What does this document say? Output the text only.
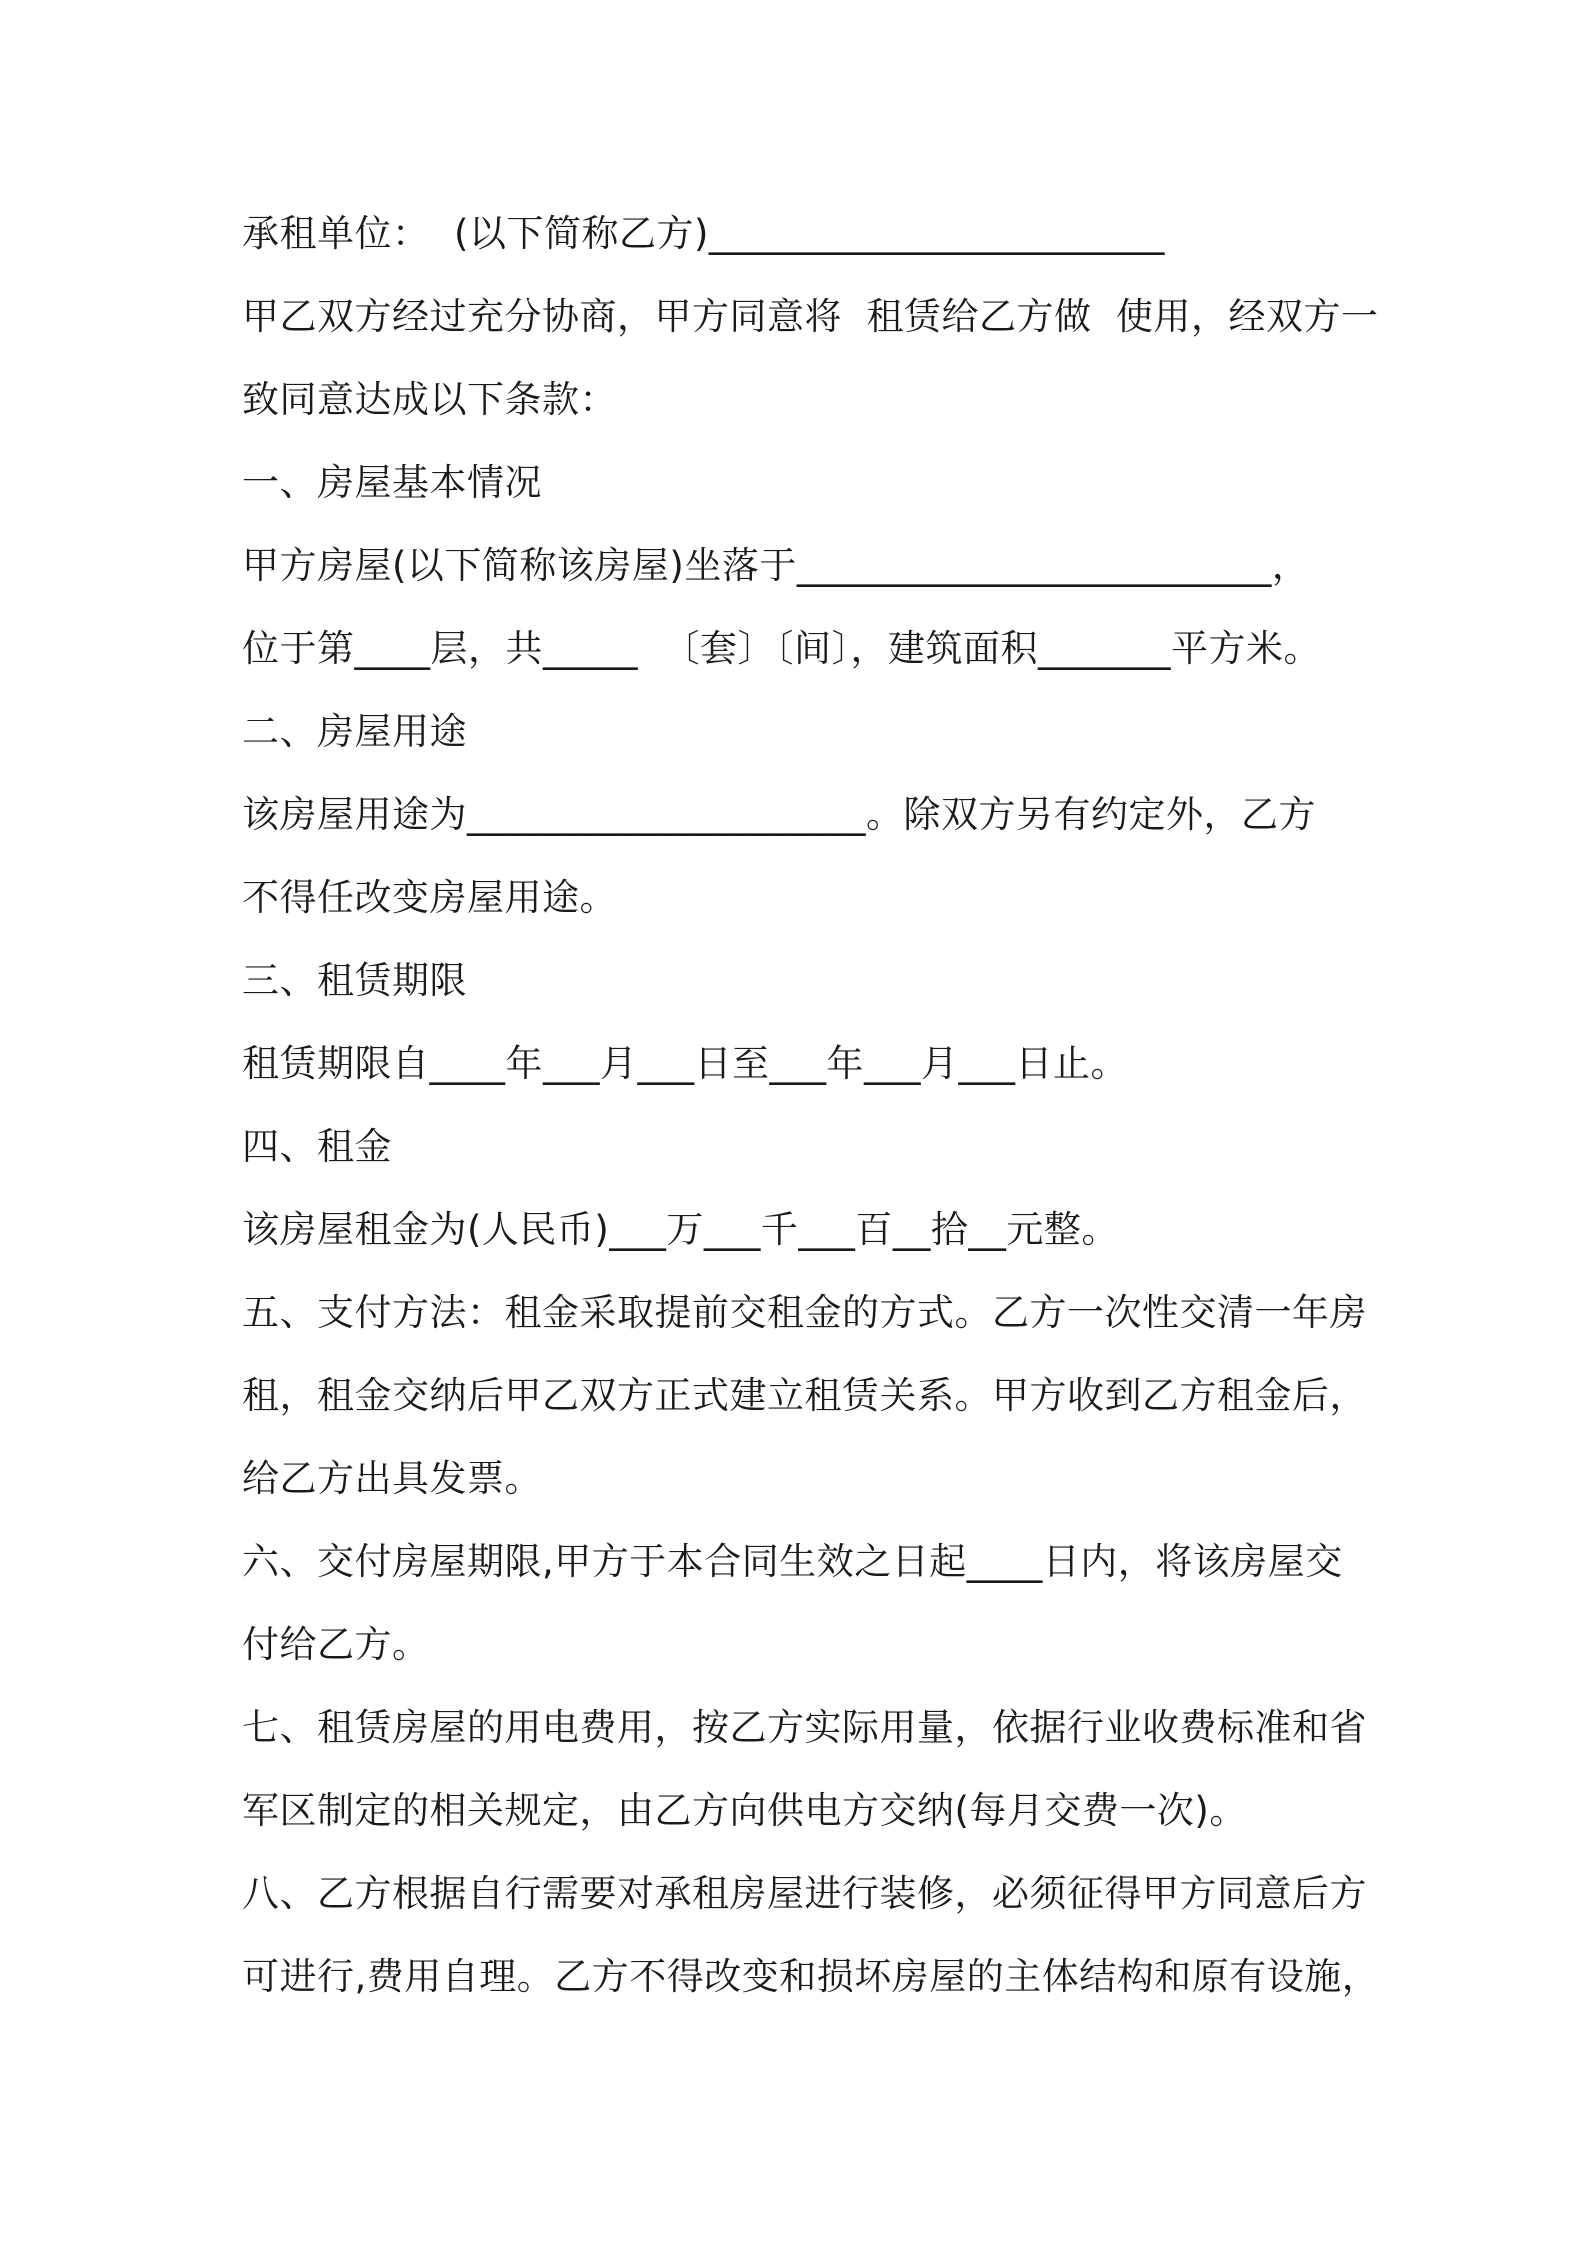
承租单位：  (以下简称乙方)________________________
甲乙双方经过充分协商，甲方同意将  租赁给乙方做  使用，经双方一
致同意达成以下条款：
一、房屋基本情况
甲方房屋(以下简称该房屋)坐落于_________________________，
位于第____层，共_____  〔套〕〔间〕，建筑面积_______平方米。
二、房屋用途
该房屋用途为_____________________。除双方另有约定外，乙方
不得任改变房屋用途。
三、租赁期限
租赁期限自____年___月___日至___年___月___日止。
四、租金
该房屋租金为(人民币)___万___千___百__拾__元整。
五、支付方法：租金采取提前交租金的方式。乙方一次性交清一年房
租，租金交纳后甲乙双方正式建立租赁关系。甲方收到乙方租金后，
给乙方出具发票。
六、交付房屋期限,甲方于本合同生效之日起____日内，将该房屋交
付给乙方。
七、租赁房屋的用电费用，按乙方实际用量，依据行业收费标准和省
军区制定的相关规定，由乙方向供电方交纳(每月交费一次)。
八、乙方根据自行需要对承租房屋进行装修，必须征得甲方同意后方
可进行,费用自理。乙方不得改变和损坏房屋的主体结构和原有设施，
